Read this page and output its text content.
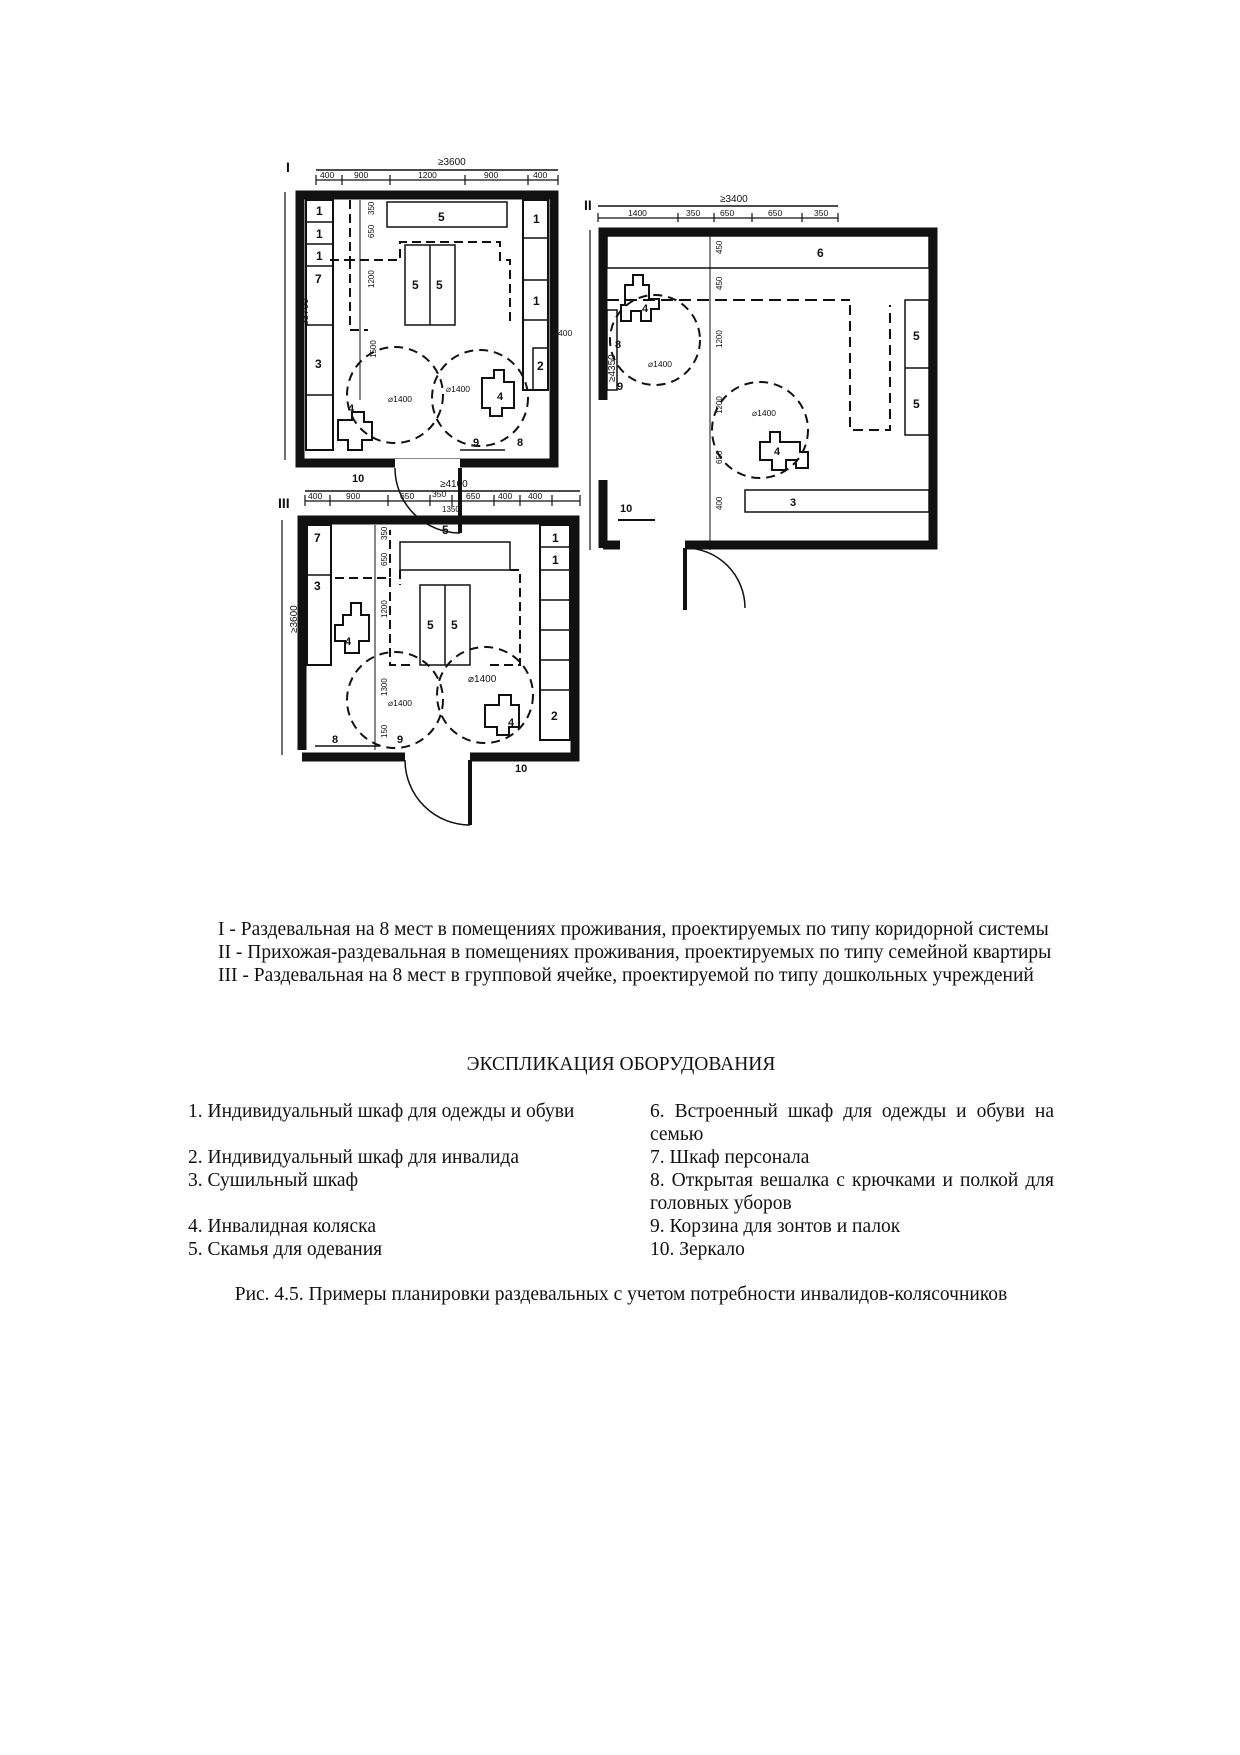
I	≥3600
400 900	1200	900	400
≥3700
1
1
1
7
3
4
5
5 5
1
1
2
⌀1400
⌀1400
4
9	8
10
350
650
1200
1500
400
II	≥3400
1400	350 650	650	350
≥4350
6
4
⌀1400
8
9
5
5
⌀1400
4
3
10
450
450
1200
1200
650
400
III
≥4100
400	900	650 350 650 400 400
1350
≥3600
7
3
4
5
5 5
1
1
2
⌀1400
⌀1400
4
8	9
10
350
650
1200
1300
150

I - Раздевальная на 8 мест в помещениях проживания, проектируемых по типу коридорной системы

II - Прихожая-раздевальная в помещениях проживания, проектируемых по типу семейной квартиры

III - Раздевальная на 8 мест в групповой ячейке, проектируемой по типу дошкольных учреждений

ЭКСПЛИКАЦИЯ ОБОРУДОВАНИЯ
1. Индивидуальный шкаф для одежды и обуви	6. Встроенный шкаф для одежды и обуви на семью
2. Индивидуальный шкаф для инвалида	7. Шкаф персонала
3. Сушильный шкаф	8. Открытая вешалка с крючками и полкой для головных уборов
4. Инвалидная коляска	9. Корзина для зонтов и палок
5. Скамья для одевания	10. Зеркало
Рис. 4.5. Примеры планировки раздевальных с учетом потребности инвалидов-колясочников
